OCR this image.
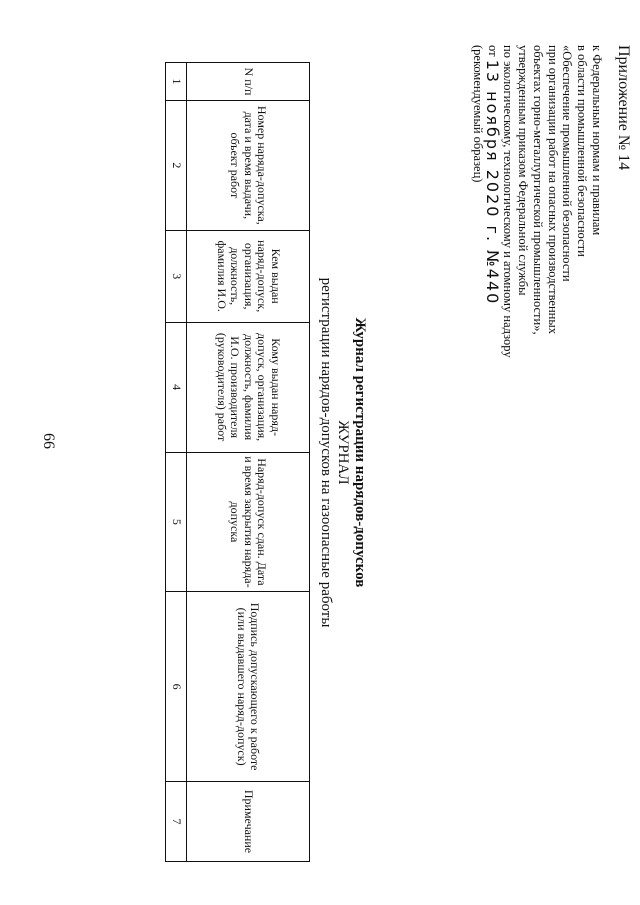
66
Приложение № 14
к Федеральным нормам и правилам
в области промышленной безопасности
«Обеспечение промышленной безопасности
при организации работ на опасных производственных
объектах горно-металлургической промышленности»,
утвержденным приказом Федеральной службы
по экологическому, технологическому и атомному надзору
от 13 ноября 2020 г. №440
(рекомендуемый образец)
Журнал регистрации нарядов-допусков
ЖУРНАЛ
регистрации нарядов-допусков на газоопасные работы
N п/п	Номер наряда-допуска, дата и время выдачи, объект работ	Кем выдан наряд-допуск, организация, должность, фамилия И.О.	Кому выдан наряд-допуск, организация, должность, фамилия И.О. производителя (руководителя) работ	Наряд-допуск сдан. Дата и время закрытия наряда-допуска	Подпись допускающего к работе (или выдавшего наряд-допуск)	Примечание
1	2	3	4	5	6	7
